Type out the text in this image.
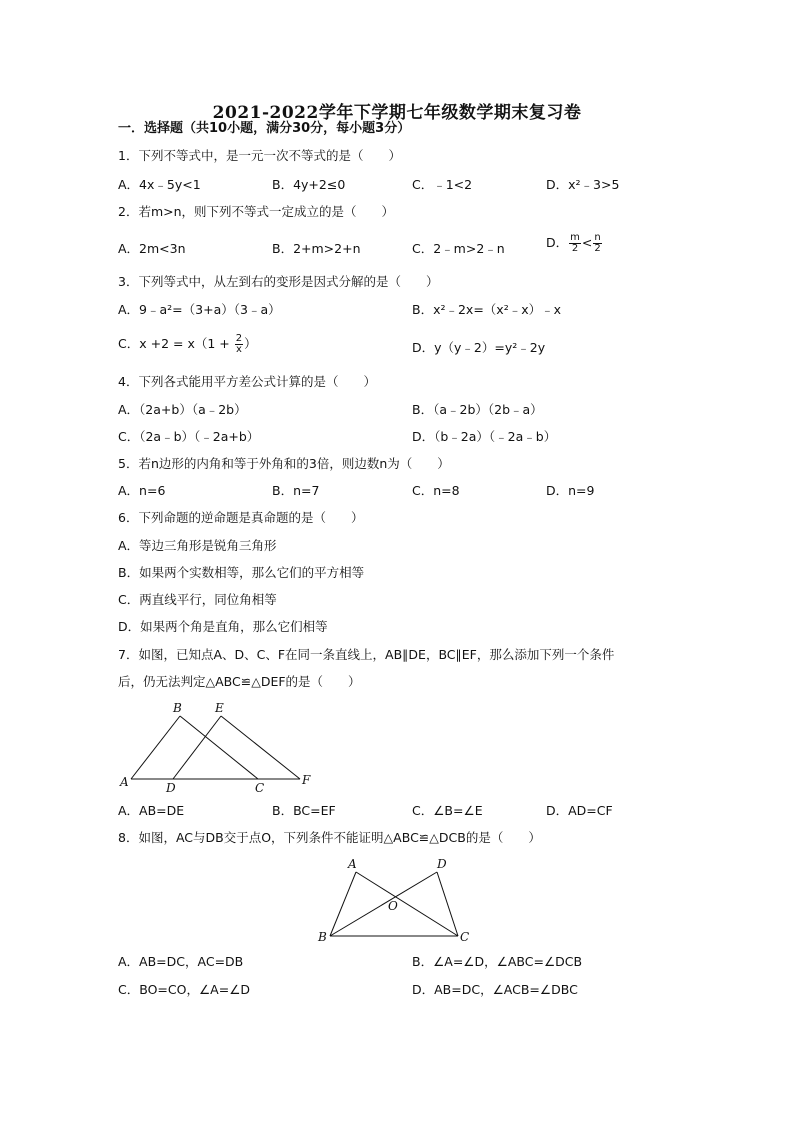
2021-2022学年下学期七年级数学期末复习卷
一．选择题（共10小题，满分30分，每小题3分）
1．下列不等式中，是一元一次不等式的是（　　）
A．4x﹣5y<1	B．4y+2≤0	C．﹣1<2	D．x²﹣3>5
2．若m>n，则下列不等式一定成立的是（　　）
A．2m<3n	B．2+m>2+n	C．2﹣m>2﹣n	D． $\frac{m}{2} < \frac{n}{2}$
3．下列等式中，从左到右的变形是因式分解的是（　　）
A．9﹣a²=（3+a）（3﹣a）	B．x²﹣2x=（x²﹣x）﹣x
C．$x +2 = x(1 + \frac{2}{x}$ ）	D．y（y﹣2）=y²﹣2y
4．下列各式能用平方差公式计算的是（　　）
A．（2a+b）（a﹣2b）	B．（a﹣2b）（2b﹣a）
C．（2a﹣b）（﹣2a+b）	D．（b﹣2a）（﹣2a﹣b）
5．若n边形的内角和等于外角和的3倍，则边数n为（　　）
A．n=6	B．n=7	C．n=8	D．n=9
6．下列命题的逆命题是真命题的是（　　）
A．等边三角形是锐角三角形
B．如果两个实数相等，那么它们的平方相等
C．两直线平行，同位角相等
D．如果两个角是直角，那么它们相等
7．如图，已知点A、D、C、F在同一条直线上，AB∥DE，BC∥EF，那么添加下列一个条件
后，仍无法判定△ABC≌△DEF的是（　　）
A
B
C
D
E
F
A
B	C
D
O
A．AB=DE	B．BC=EF	C．∠B=∠E	D．AD=CF
8．如图，AC与DB交于点O，下列条件不能证明△ABC≌△DCB的是（　　）
A．AB=DC，AC=DB	B．∠A=∠D，∠ABC=∠DCB
C．BO=CO，∠A=∠D	D．AB=DC，∠ACB=∠DBC
